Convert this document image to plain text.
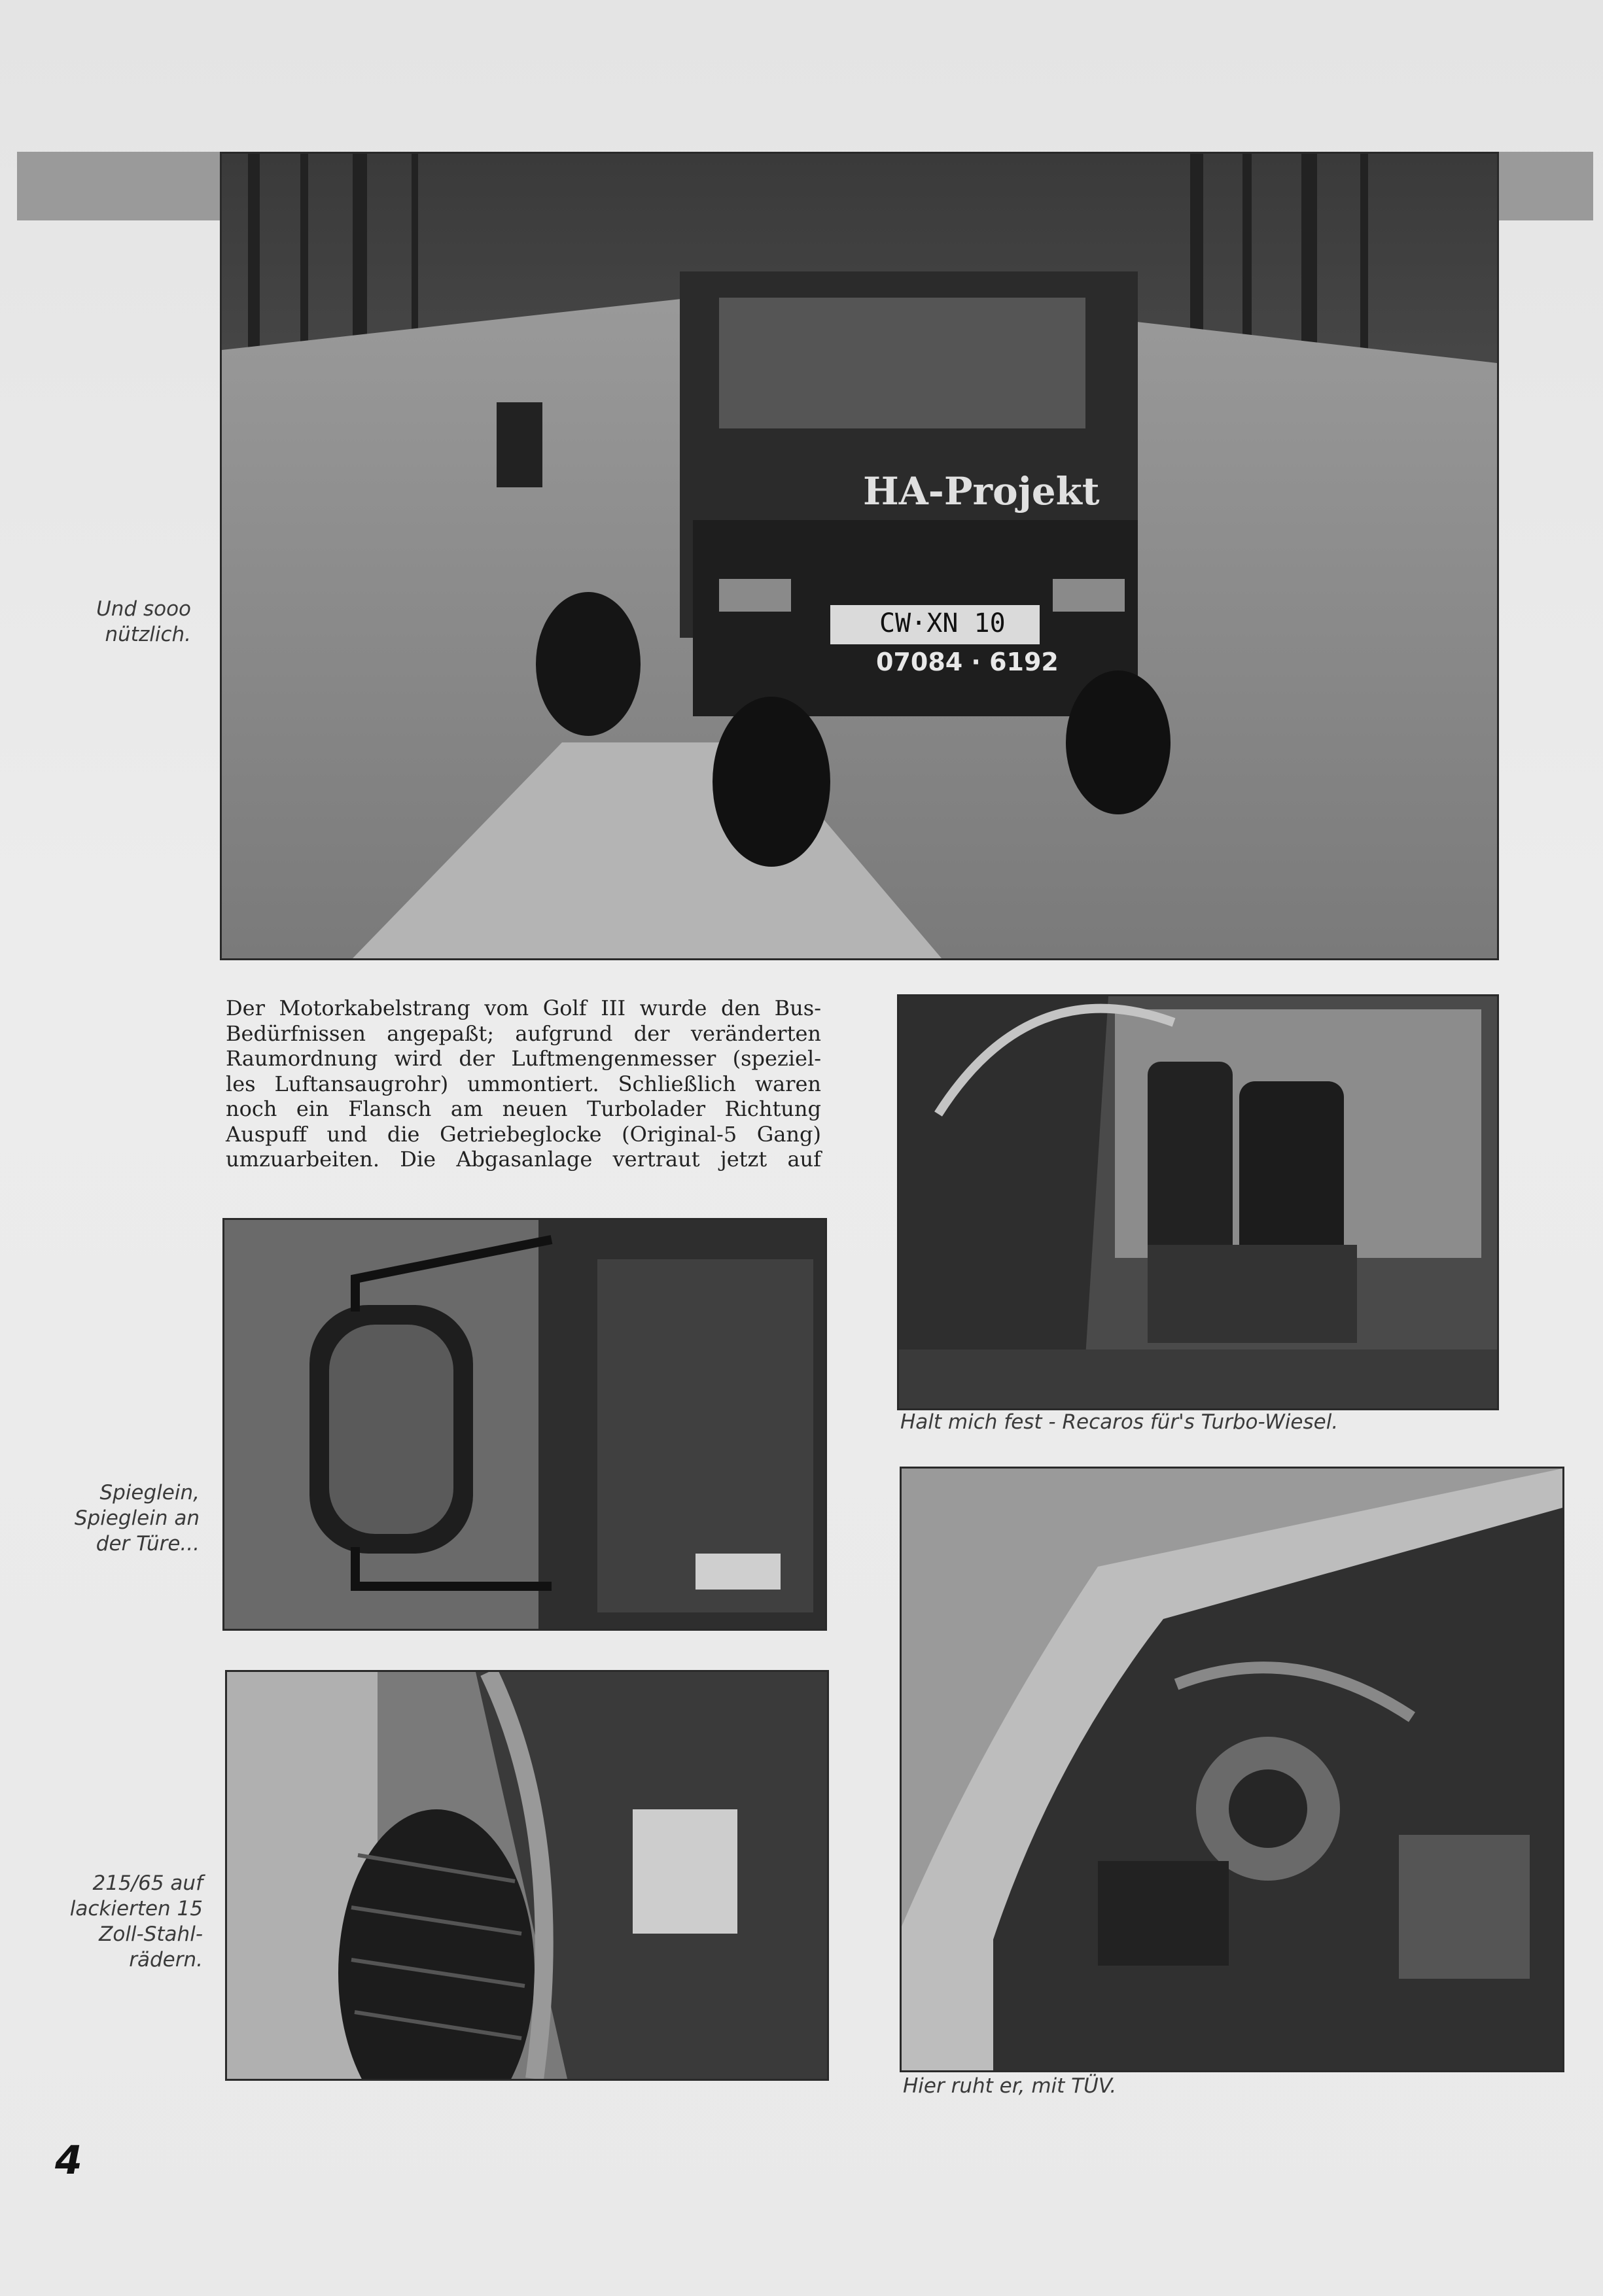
HA-Projekt
CW·XN 10
07084 · 6192
Und sooo
nützlich.
Der Motorkabelstrang vom Golf III wurde den Bus-
Bedürfnissen angepaßt; aufgrund der veränderten
Raumordnung wird der Luftmengenmesser (speziel-
les Luftansaugrohr) ummontiert. Schließlich waren
noch ein Flansch am neuen Turbolader Richtung
Auspuff und die Getriebeglocke (Original-5 Gang)
umzuarbeiten. Die Abgasanlage vertraut jetzt auf
Halt mich fest - Recaros für's Turbo-Wiesel.
Spieglein,
Spieglein an
der Türe...
Hier ruht er, mit TÜV.
215/65 auf
lackierten 15
Zoll-Stahl-
rädern.
4
